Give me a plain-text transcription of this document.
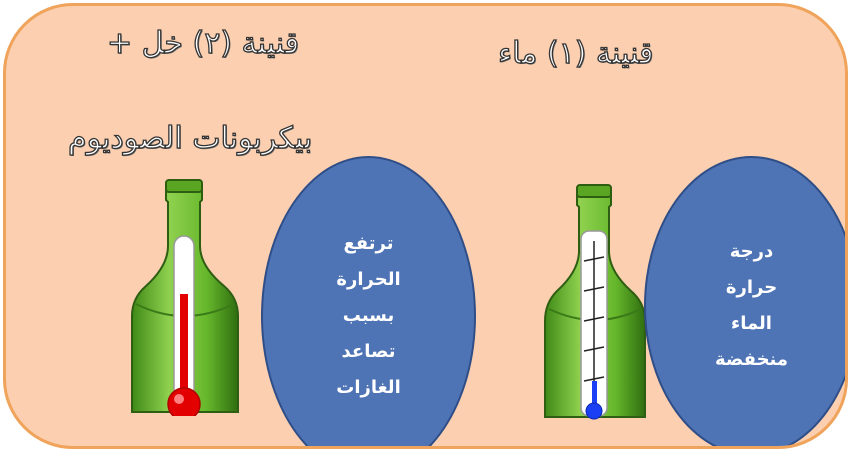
قنينة (١) ماء
قنينة (٢) خل +
بيكربونات الصوديوم
ترتفع
الحرارة
بسبب
تصاعد
الغازات
درجة
حرارة
الماء
منخفضة
